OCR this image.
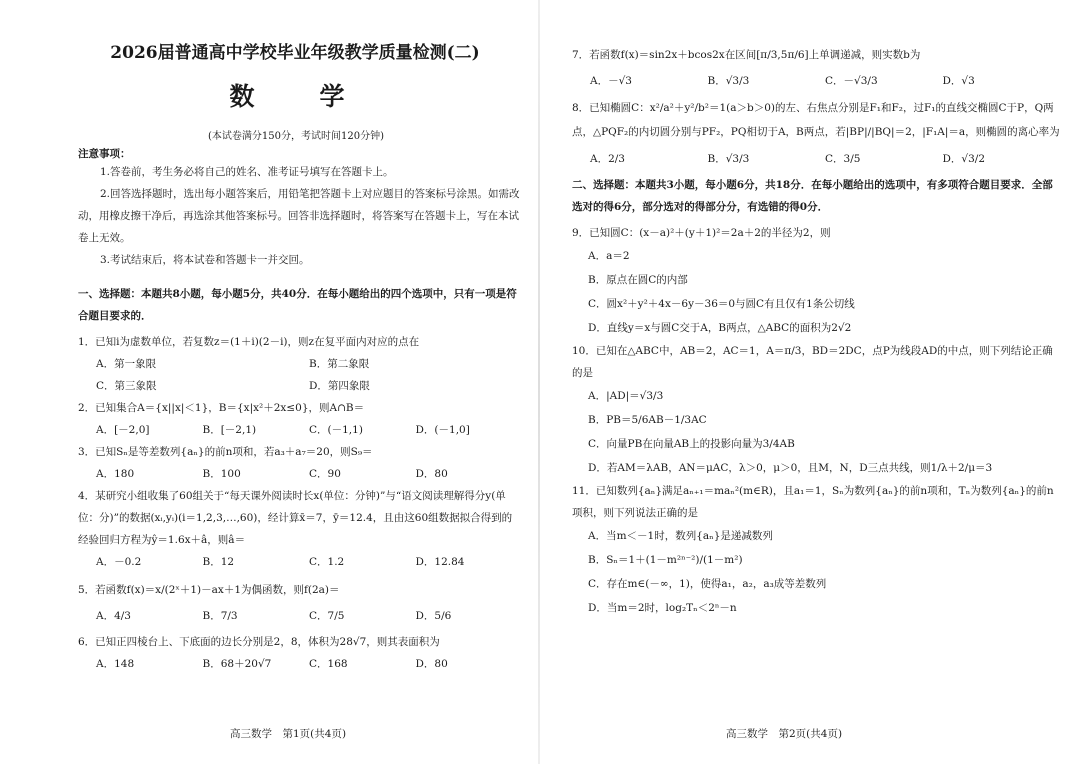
2026届普通高中学校毕业年级教学质量检测(二)
数　学
(本试卷满分150分，考试时间120分钟)
注意事项：
1.答卷前，考生务必将自己的姓名、准考证号填写在答题卡上。
2.回答选择题时，选出每小题答案后，用铅笔把答题卡上对应题目的答案标号涂黑。如需改动，用橡皮擦干净后，再选涂其他答案标号。回答非选择题时，将答案写在答题卡上，写在本试卷上无效。
3.考试结束后，将本试卷和答题卡一并交回。
一、选择题：本题共8小题，每小题5分，共40分．在每小题给出的四个选项中，只有一项是符合题目要求的．
1．已知i为虚数单位，若复数z＝(1＋i)(2－i)，则z在复平面内对应的点在
A．第一象限	B．第二象限
C．第三象限	D．第四象限
2．已知集合A＝{x||x|＜1}，B＝{x|x²＋2x≤0}，则A∩B＝
A．[－2,0]	B．[－2,1)	C．(－1,1)	D．(－1,0]
3．已知Sₙ是等差数列{aₙ}的前n项和，若a₃＋a₇＝20，则S₉＝
A．180	B．100	C．90	D．80
4．某研究小组收集了60组关于“每天课外阅读时长x(单位：分钟)”与“语文阅读理解得分y(单位：分)”的数据(xᵢ,yᵢ)(i＝1,2,3,…,60)，经计算x̄＝7，ȳ＝12.4，且由这60组数据拟合得到的经验回归方程为ŷ＝1.6x＋â，则â＝
A．－0.2	B．12	C．1.2	D．12.84
5．若函数f(x)＝x/(2ˣ＋1)－ax＋1为偶函数，则f(2a)＝
A．4/3	B．7/3	C．7/5	D．5/6
6．已知正四棱台上、下底面的边长分别是2，8，体积为28√7，则其表面积为
A．148	B．68＋20√7	C．168	D．80
7．若函数f(x)＝sin2x＋bcos2x在区间[π/3,5π/6]上单调递减，则实数b为
A．－√3	B．√3/3	C．－√3/3	D．√3
8．已知椭圆C：x²/a²＋y²/b²＝1(a＞b＞0)的左、右焦点分别是F₁和F₂，过F₁的直线交椭圆C于P，Q两点，△PQF₂的内切圆分别与PF₂，PQ相切于A，B两点，若|BP|/|BQ|＝2，|F₁A|＝a，则椭圆的离心率为
A．2/3	B．√3/3	C．3/5	D．√3/2
二、选择题：本题共3小题，每小题6分，共18分．在每小题给出的选项中，有多项符合题目要求．全部选对的得6分，部分选对的得部分分，有选错的得0分．
9．已知圆C：(x－a)²＋(y＋1)²＝2a＋2的半径为2，则
A．a＝2
B．原点在圆C的内部
C．圆x²＋y²＋4x－6y－36＝0与圆C有且仅有1条公切线
D．直线y＝x与圆C交于A，B两点，△ABC的面积为2√2
10．已知在△ABC中，AB＝2，AC＝1，A＝π/3，BD＝2DC，点P为线段AD的中点，则下列结论正确的是
A．|AD|＝√3/3
B．PB＝5/6AB－1/3AC
C．向量PB在向量AB上的投影向量为3/4AB
D．若AM＝λAB，AN＝μAC，λ＞0，μ＞0，且M，N，D三点共线，则1/λ＋2/μ＝3
11．已知数列{aₙ}满足aₙ₊₁＝maₙ²(m∈R)，且a₁＝1，Sₙ为数列{aₙ}的前n项和，Tₙ为数列{aₙ}的前n项积，则下列说法正确的是
A．当m＜－1时，数列{aₙ}是递减数列
B．Sₙ＝1＋(1－m²ⁿ⁻²)/(1－m²)
C．存在m∈(－∞，1)，使得a₁，a₂，a₃成等差数列
D．当m＝2时，log₂Tₙ＜2ⁿ－n
高三数学　第1页(共4页)	高三数学　第2页(共4页)
